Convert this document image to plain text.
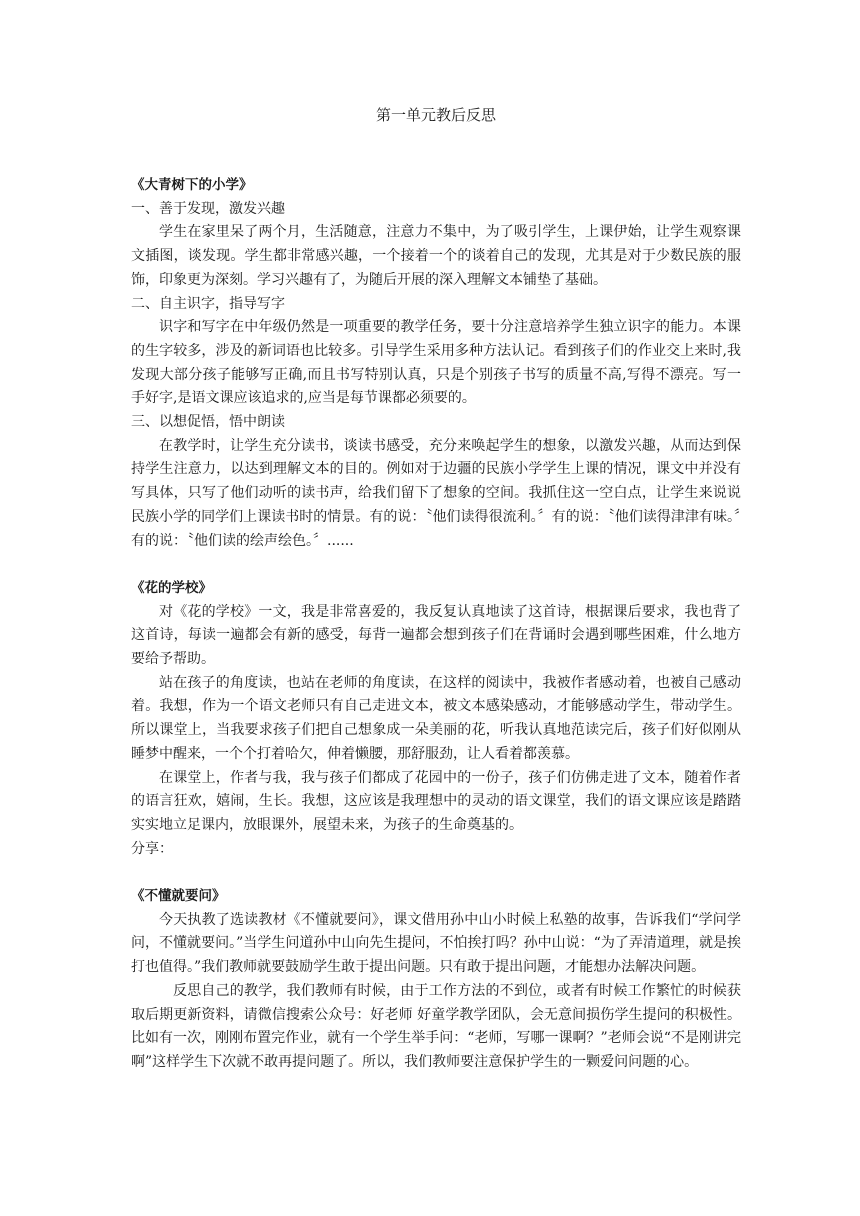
第一单元教后反思

《大青树下的小学》

一、善于发现，激发兴趣

学生在家里呆了两个月，生活随意，注意力不集中，为了吸引学生，上课伊始，让学生观察课文插图，谈发现。学生都非常感兴趣，一个接着一个的谈着自己的发现，尤其是对于少数民族的服饰，印象更为深刻。学习兴趣有了，为随后开展的深入理解文本铺垫了基础。

二、自主识字，指导写字

识字和写字在中年级仍然是一项重要的教学任务，要十分注意培养学生独立识字的能力。本课的生字较多，涉及的新词语也比较多。引导学生采用多种方法认记。看到孩子们的作业交上来时,我发现大部分孩子能够写正确,而且书写特别认真，只是个别孩子书写的质量不高,写得不漂亮。写一手好字,是语文课应该追求的,应当是每节课都必须要的。

三、以想促悟，悟中朗读

在教学时，让学生充分读书，谈读书感受，充分来唤起学生的想象，以激发兴趣，从而达到保持学生注意力，以达到理解文本的目的。例如对于边疆的民族小学学生上课的情况，课文中并没有写具体，只写了他们动听的读书声，给我们留下了想象的空间。我抓住这一空白点，让学生来说说民族小学的同学们上课读书时的情景。有的说：〝他们读得很流利。〞有的说：〝他们读得津津有味。〞有的说：〝他们读的绘声绘色。〞......

《花的学校》

对《花的学校》一文，我是非常喜爱的，我反复认真地读了这首诗，根据课后要求，我也背了这首诗，每读一遍都会有新的感受，每背一遍都会想到孩子们在背诵时会遇到哪些困难，什么地方要给予帮助。

站在孩子的角度读，也站在老师的角度读，在这样的阅读中，我被作者感动着，也被自己感动着。我想，作为一个语文老师只有自己走进文本，被文本感染感动，才能够感动学生，带动学生。所以课堂上，当我要求孩子们把自己想象成一朵美丽的花，听我认真地范读完后，孩子们好似刚从睡梦中醒来，一个个打着哈欠，伸着懒腰，那舒服劲，让人看着都羡慕。

在课堂上，作者与我，我与孩子们都成了花园中的一份子，孩子们仿佛走进了文本，随着作者的语言狂欢，嬉闹，生长。我想，这应该是我理想中的灵动的语文课堂，我们的语文课应该是踏踏实实地立足课内，放眼课外，展望未来，为孩子的生命奠基的。

分享：

《不懂就要问》

今天执教了选读教材《不懂就要问》，课文借用孙中山小时候上私塾的故事，告诉我们“学问学问，不懂就要问。”当学生问道孙中山向先生提问，不怕挨打吗？孙中山说：“为了弄清道理，就是挨打也值得。”我们教师就要鼓励学生敢于提出问题。只有敢于提出问题，才能想办法解决问题。

反思自己的教学，我们教师有时候，由于工作方法的不到位，或者有时候工作繁忙的时候获取后期更新资料，请微信搜索公众号：好老师 好童学教学团队，会无意间损伤学生提问的积极性。比如有一次，刚刚布置完作业，就有一个学生举手问：“老师，写哪一课啊？”老师会说“不是刚讲完啊”这样学生下次就不敢再提问题了。所以，我们教师要注意保护学生的一颗爱问问题的心。
